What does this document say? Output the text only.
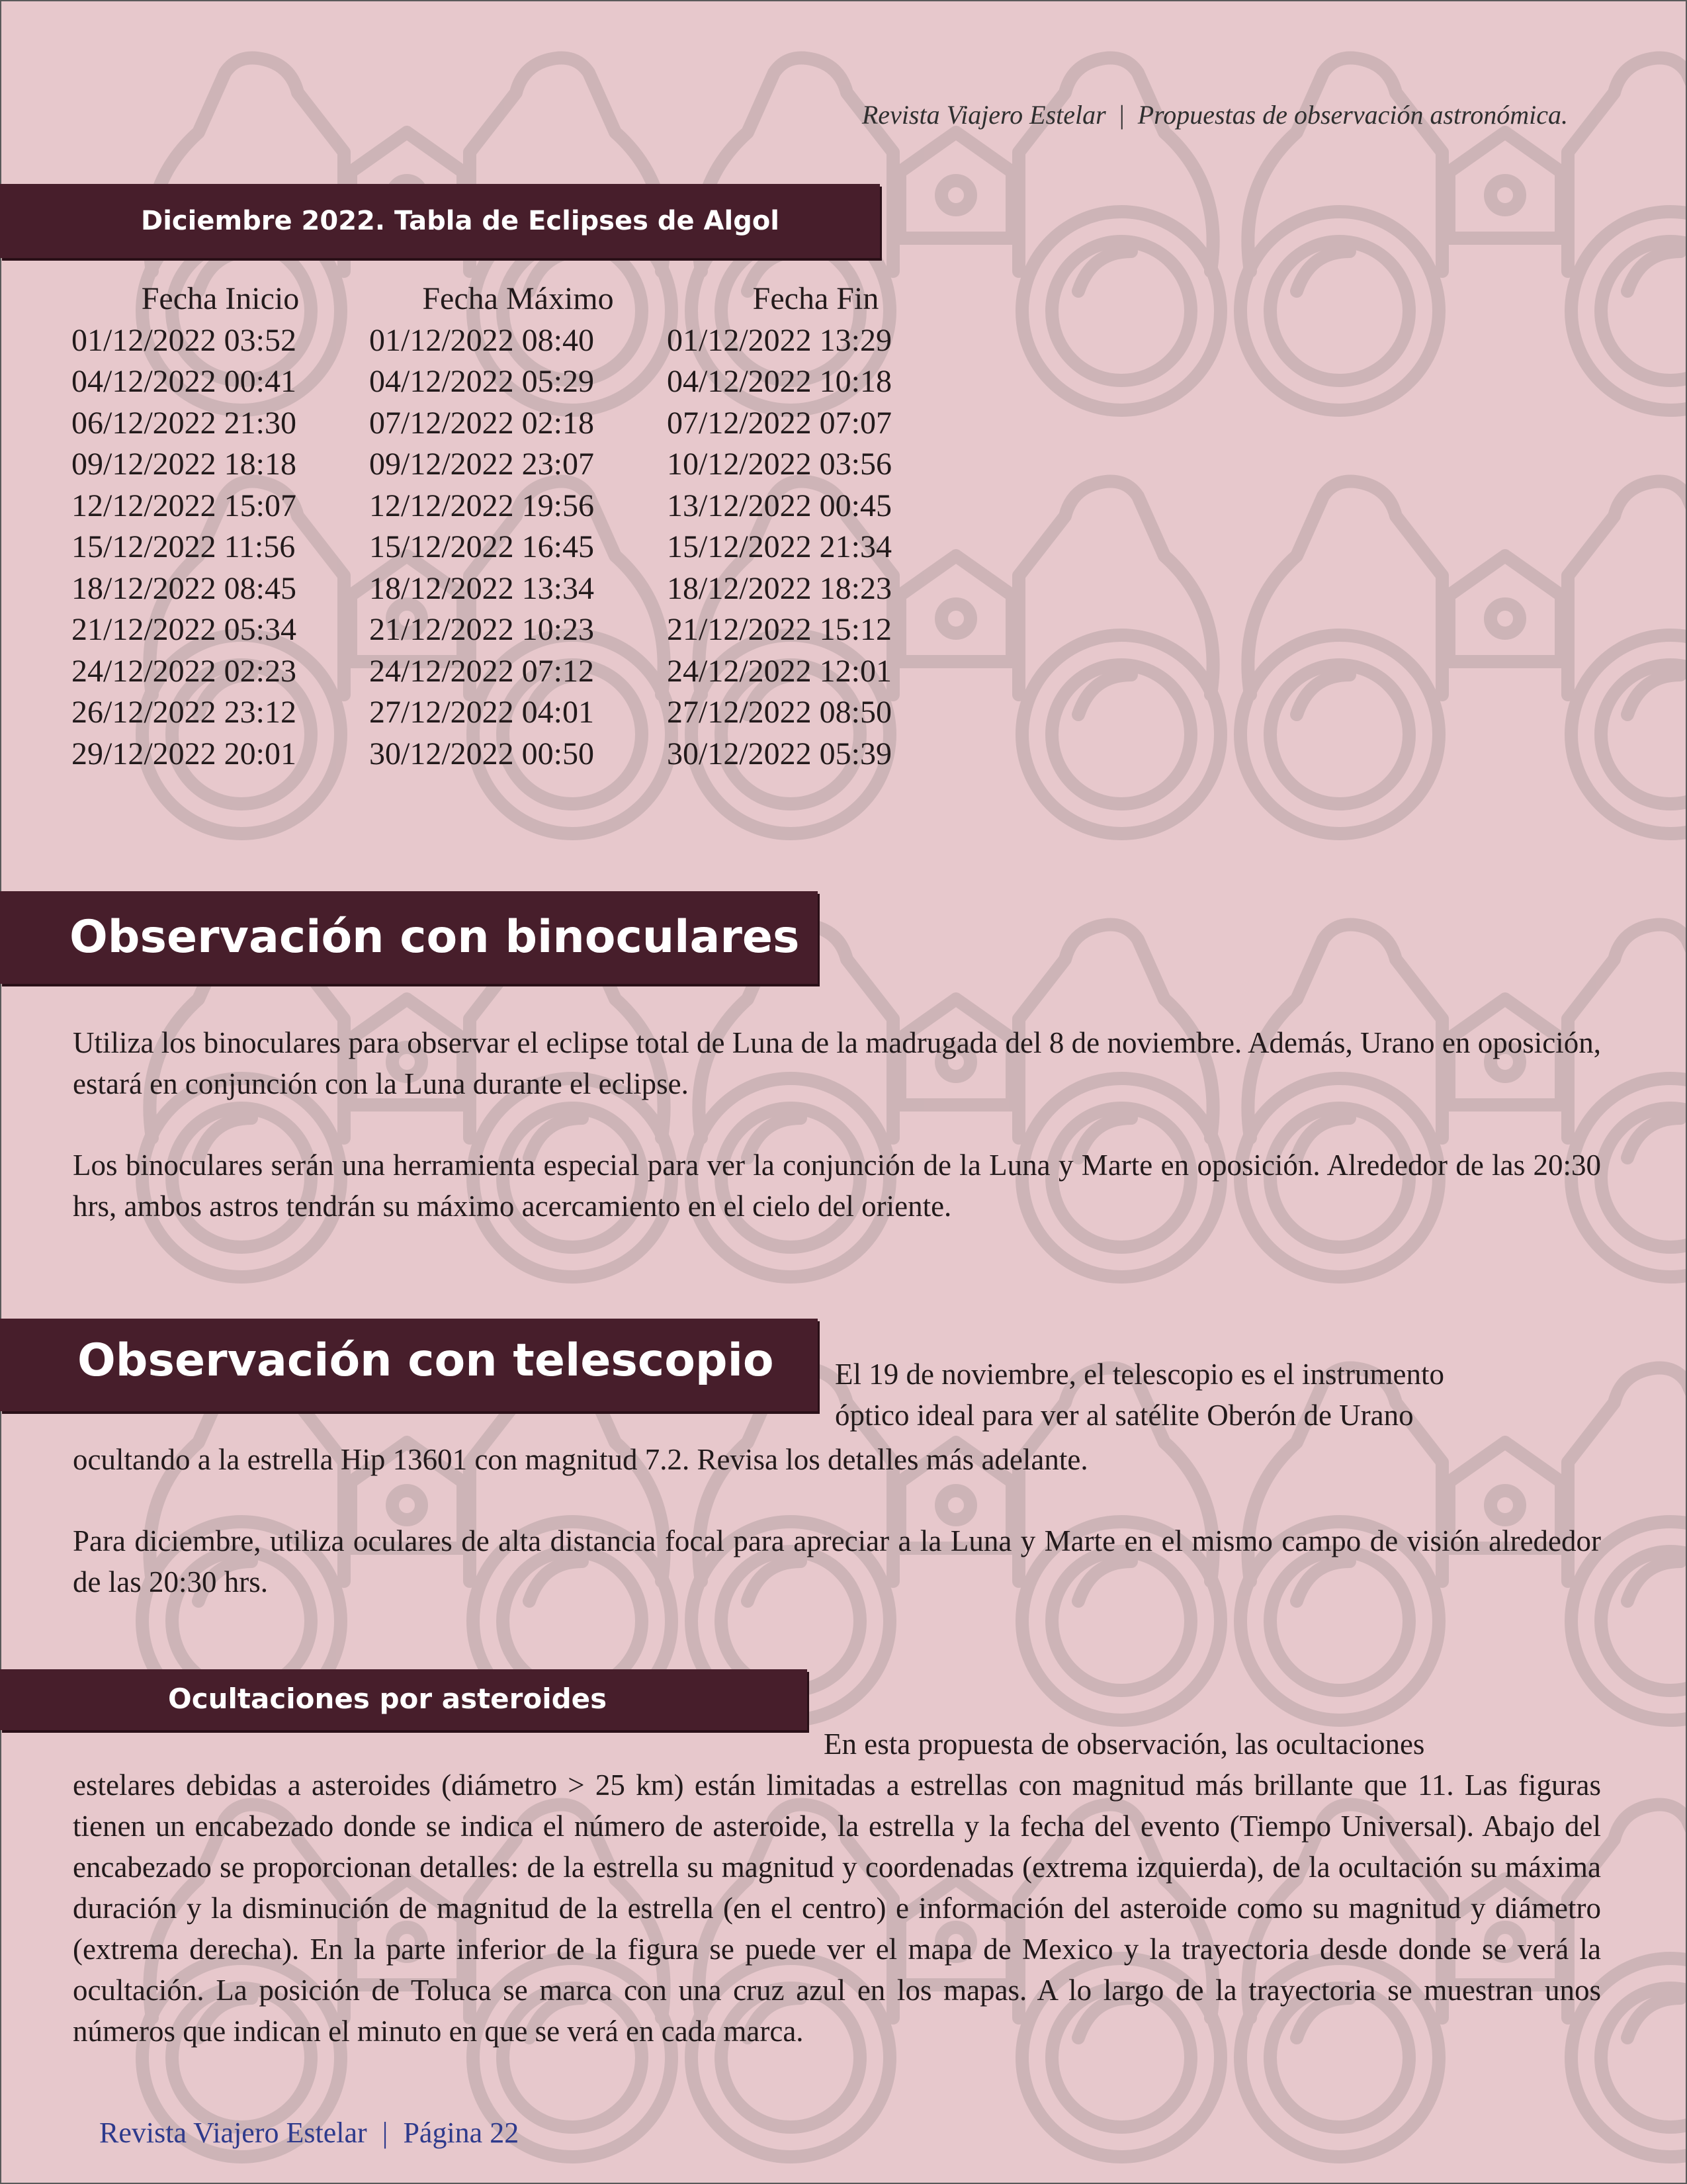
Revista Viajero Estelar | Propuestas de observación astronómica.
Diciembre 2022. Tabla de Eclipses de Algol
Fecha Inicio	Fecha Máximo	Fecha Fin
01/12/2022 03:52	01/12/2022 08:40	01/12/2022 13:29
04/12/2022 00:41	04/12/2022 05:29	04/12/2022 10:18
06/12/2022 21:30	07/12/2022 02:18	07/12/2022 07:07
09/12/2022 18:18	09/12/2022 23:07	10/12/2022 03:56
12/12/2022 15:07	12/12/2022 19:56	13/12/2022 00:45
15/12/2022 11:56	15/12/2022 16:45	15/12/2022 21:34
18/12/2022 08:45	18/12/2022 13:34	18/12/2022 18:23
21/12/2022 05:34	21/12/2022 10:23	21/12/2022 15:12
24/12/2022 02:23	24/12/2022 07:12	24/12/2022 12:01
26/12/2022 23:12	27/12/2022 04:01	27/12/2022 08:50
29/12/2022 20:01	30/12/2022 00:50	30/12/2022 05:39
Observación con binoculares
Utiliza los binoculares para observar el eclipse total de Luna de la madrugada del 8 de noviembre. Además, Urano en oposición, estará en conjunción con la Luna durante el eclipse.
Los binoculares serán una herramienta especial para ver la conjunción de la Luna y Marte en oposición. Alrededor de las 20:30 hrs, ambos astros tendrán su máximo acercamiento en el cielo del oriente.
Observación con telescopio El 19 de noviembre, el telescopio es el instrumento
óptico ideal para ver al satélite Oberón de Urano
ocultando a la estrella Hip 13601 con magnitud 7.2. Revisa los detalles más adelante.
Para diciembre, utiliza oculares de alta distancia focal para apreciar a la Luna y Marte en el mismo campo de visión alrededor de las 20:30 hrs.
Ocultaciones por asteroides
En esta propuesta de observación, las ocultaciones
estelares debidas a asteroides (diámetro > 25 km) están limitadas a estrellas con magnitud más brillante que 11. Las figuras tienen un encabezado donde se indica el número de asteroide, la estrella y la fecha del evento (Tiempo Universal). Abajo del encabezado se proporcionan detalles: de la estrella su magnitud y coordenadas (extrema izquierda), de la ocultación su máxima duración y la disminución de magnitud de la estrella (en el centro) e información del asteroide como su magnitud y diámetro (extrema derecha). En la parte inferior de la figura se puede ver el mapa de Mexico y la trayectoria desde donde se verá la ocultación. La posición de Toluca se marca con una cruz azul en los mapas. A lo largo de la trayectoria se muestran unos números que indican el minuto en que se verá en cada marca.
Revista Viajero Estelar | Página 22
